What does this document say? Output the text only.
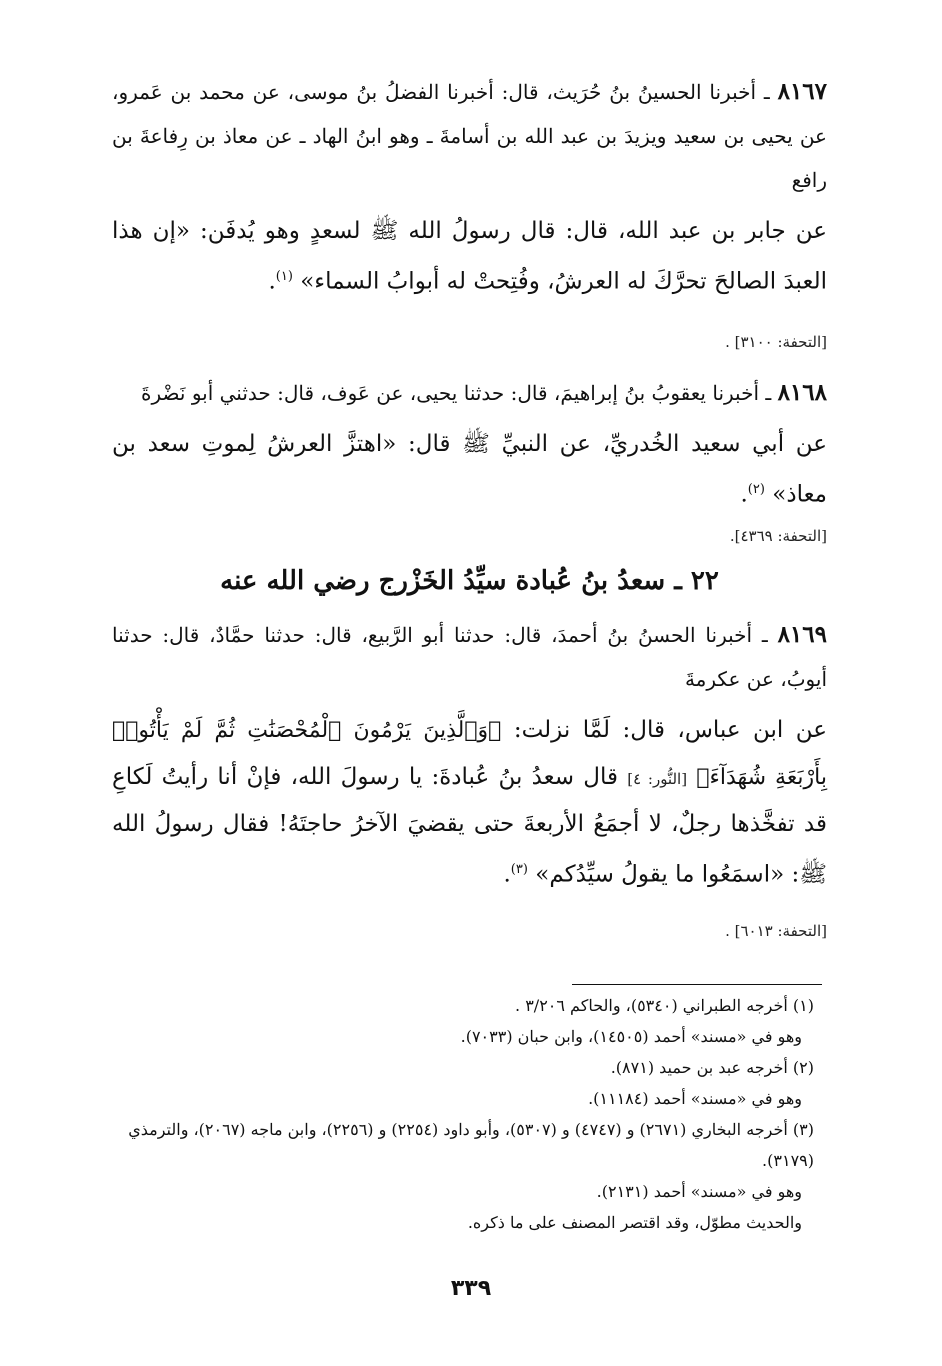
٨١٦٧ ـ أخبرنا الحسينُ بنُ حُرَيث، قال: أخبرنا الفضلُ بنُ موسى، عن محمد بن عَمرو، عن يحيى بن سعيد ويزيدَ بن عبد الله بن أسامةَ ـ وهو ابنُ الهاد ـ عن معاذ بن رِفاعةَ بن رافع

عن جابر بن عبد الله، قال: قال رسولُ الله ﷺ لسعدٍ وهو يُدفَن: «إن هذا العبدَ الصالحَ تحرَّكَ له العرشُ، وفُتِحتْ له أبوابُ السماء» $^{(١)}$.

[التحفة: ٣١٠٠] .

٨١٦٨ ـ أخبرنا يعقوبُ بنُ إبراهيمَ، قال: حدثنا يحيى، عن عَوف، قال: حدثني أبو نَضْرةَ

عن أبي سعيد الخُدريِّ، عن النبيِّ ﷺ قال: «اهتزَّ العرشُ لِموتِ سعد بن معاذ» $^{(٢)}$.

[التحفة: ٤٣٦٩].

٢٢ ـ سعدُ بنُ عُبادة سيِّدُ الخَزْرج رضي الله عنه

٨١٦٩ ـ أخبرنا الحسنُ بنُ أحمدَ، قال: حدثنا أبو الرَّبيع، قال: حدثنا حمَّادٌ، قال: حدثنا أيوبُ، عن عكرمةَ

عن ابن عباس، قال: لَمَّا نزلت: ﴿وَٱلَّذِينَ يَرْمُونَ ٱلْمُحْصَنَٰتِ ثُمَّ لَمْ يَأْتُوا۟ بِأَرْبَعَةِ شُهَدَآءَ﴾ [النُّور: ٤] قال سعدُ بنُ عُبادةَ: يا رسولَ الله، فإنْ أنا رأيتُ لَكاعِ قد تفخَّذها رجلٌ، لا أجمَعُ الأربعةَ حتى يقضيَ الآخرُ حاجتَهُ! فقال رسولُ الله ﷺ: «اسمَعُوا ما يقولُ سيِّدُكم» $^{(٣)}$.

[التحفة: ٦٠١٣] .

(١) أخرجه الطبراني (٥٣٤٠)، والحاكم ٣/٢٠٦ .

وهو في «مسند» أحمد (١٤٥٠٥)، وابن حبان (٧٠٣٣).

(٢) أخرجه عبد بن حميد (٨٧١).

وهو في «مسند» أحمد (١١١٨٤).

(٣) أخرجه البخاري (٢٦٧١) و (٤٧٤٧) و (٥٣٠٧)، وأبو داود (٢٢٥٤) و (٢٢٥٦)، وابن ماجه (٢٠٦٧)، والترمذي (٣١٧٩).

وهو في «مسند» أحمد (٢١٣١).

والحديث مطوّل، وقد اقتصر المصنف على ما ذكره.

٣٣٩
